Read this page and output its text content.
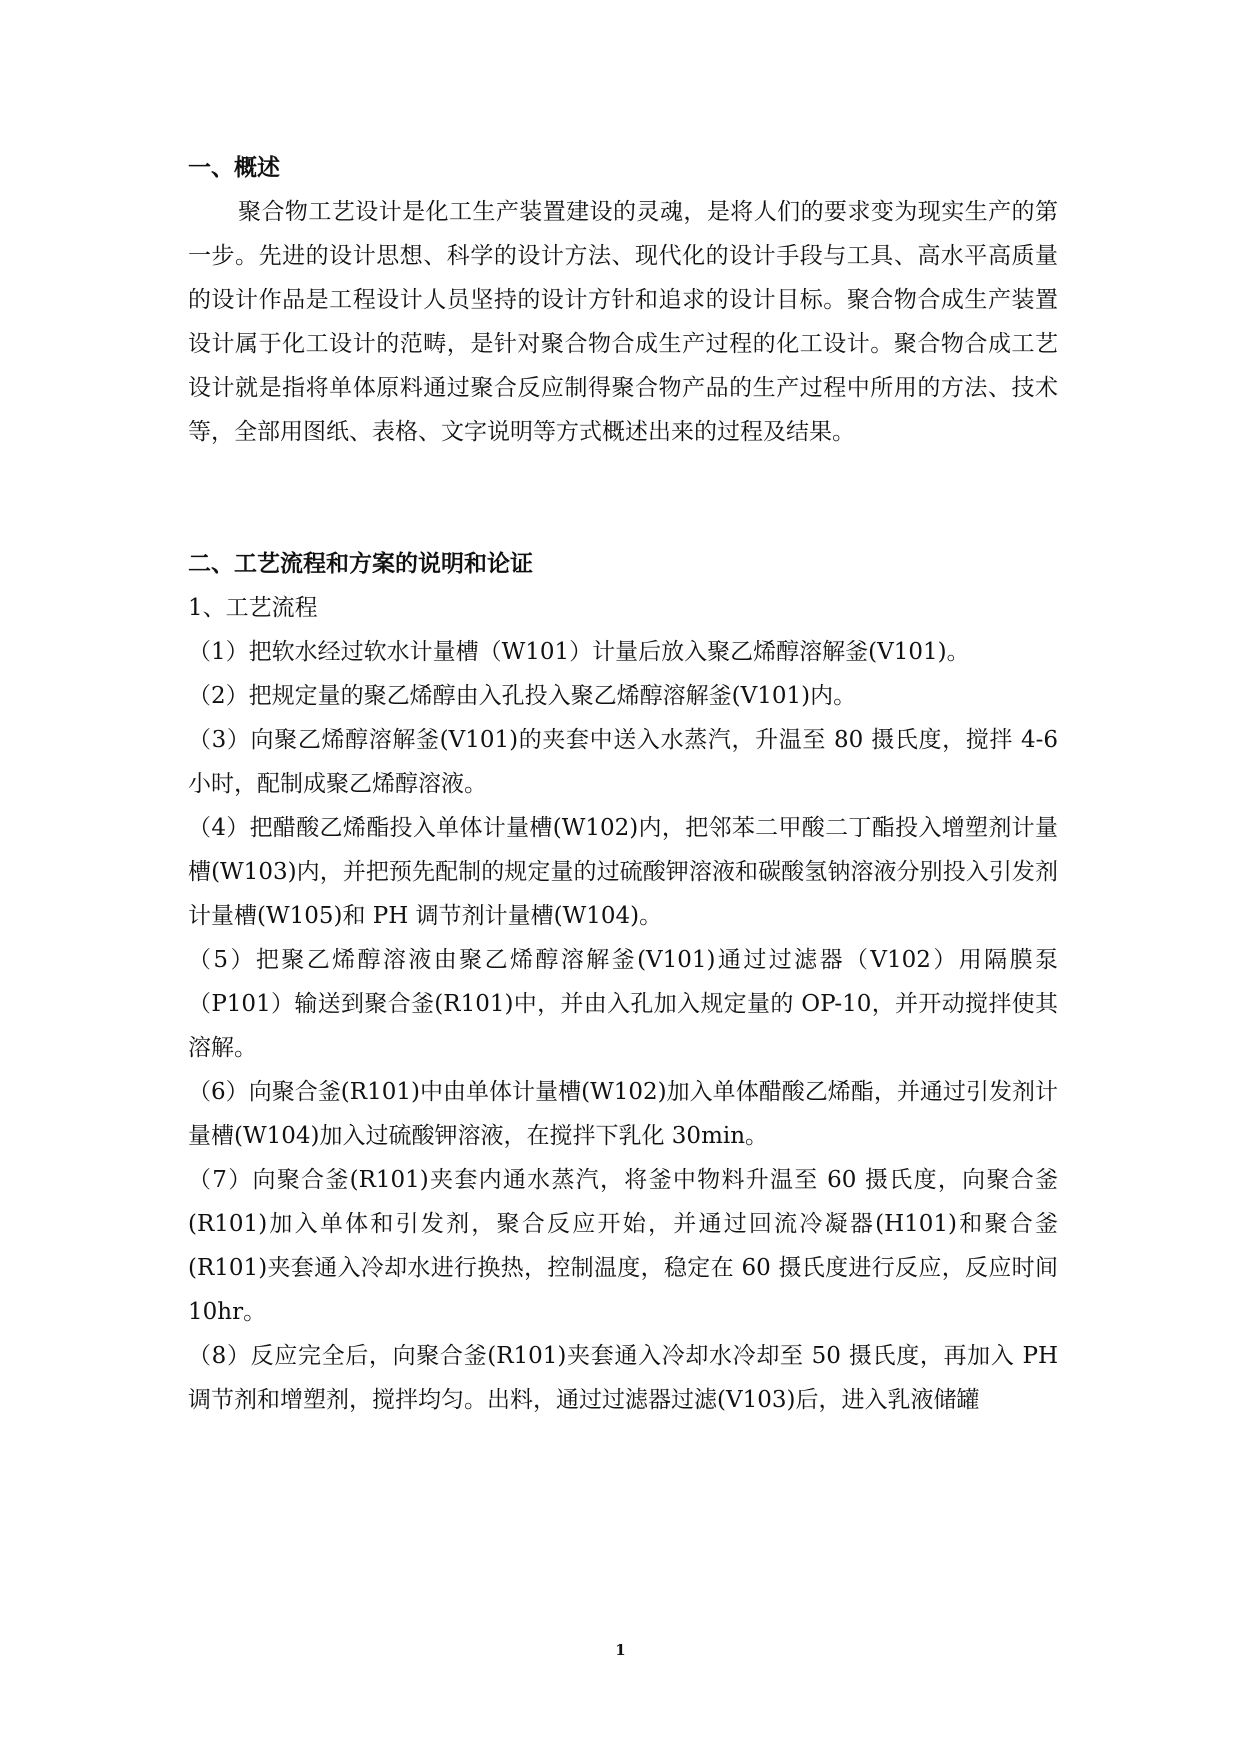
一、概述
聚合物工艺设计是化工生产装置建设的灵魂，是将人们的要求变为现实生产的第一步。先进的设计思想、科学的设计方法、现代化的设计手段与工具、高水平高质量的设计作品是工程设计人员坚持的设计方针和追求的设计目标。聚合物合成生产装置设计属于化工设计的范畴，是针对聚合物合成生产过程的化工设计。聚合物合成工艺设计就是指将单体原料通过聚合反应制得聚合物产品的生产过程中所用的方法、技术等，全部用图纸、表格、文字说明等方式概述出来的过程及结果。
二、工艺流程和方案的说明和论证
1、工艺流程
（1）把软水经过软水计量槽（W101）计量后放入聚乙烯醇溶解釜(V101)。
（2）把规定量的聚乙烯醇由入孔投入聚乙烯醇溶解釜(V101)内。
（3）向聚乙烯醇溶解釜(V101)的夹套中送入水蒸汽，升温至 80 摄氏度，搅拌 4-6 小时，配制成聚乙烯醇溶液。
（4）把醋酸乙烯酯投入单体计量槽(W102)内，把邻苯二甲酸二丁酯投入增塑剂计量槽(W103)内，并把预先配制的规定量的过硫酸钾溶液和碳酸氢钠溶液分别投入引发剂计量槽(W105)和 PH 调节剂计量槽(W104)。
（5）把聚乙烯醇溶液由聚乙烯醇溶解釜(V101)通过过滤器（V102）用隔膜泵（P101）输送到聚合釜(R101)中，并由入孔加入规定量的 OP-10，并开动搅拌使其溶解。
（6）向聚合釜(R101)中由单体计量槽(W102)加入单体醋酸乙烯酯，并通过引发剂计量槽(W104)加入过硫酸钾溶液，在搅拌下乳化 30min。
（7）向聚合釜(R101)夹套内通水蒸汽，将釜中物料升温至 60 摄氏度，向聚合釜(R101)加入单体和引发剂，聚合反应开始，并通过回流冷凝器(H101)和聚合釜(R101)夹套通入冷却水进行换热，控制温度，稳定在 60 摄氏度进行反应，反应时间 10hr。
（8）反应完全后，向聚合釜(R101)夹套通入冷却水冷却至 50 摄氏度，再加入 PH 调节剂和增塑剂，搅拌均匀。出料，通过过滤器过滤(V103)后，进入乳液储罐
1
